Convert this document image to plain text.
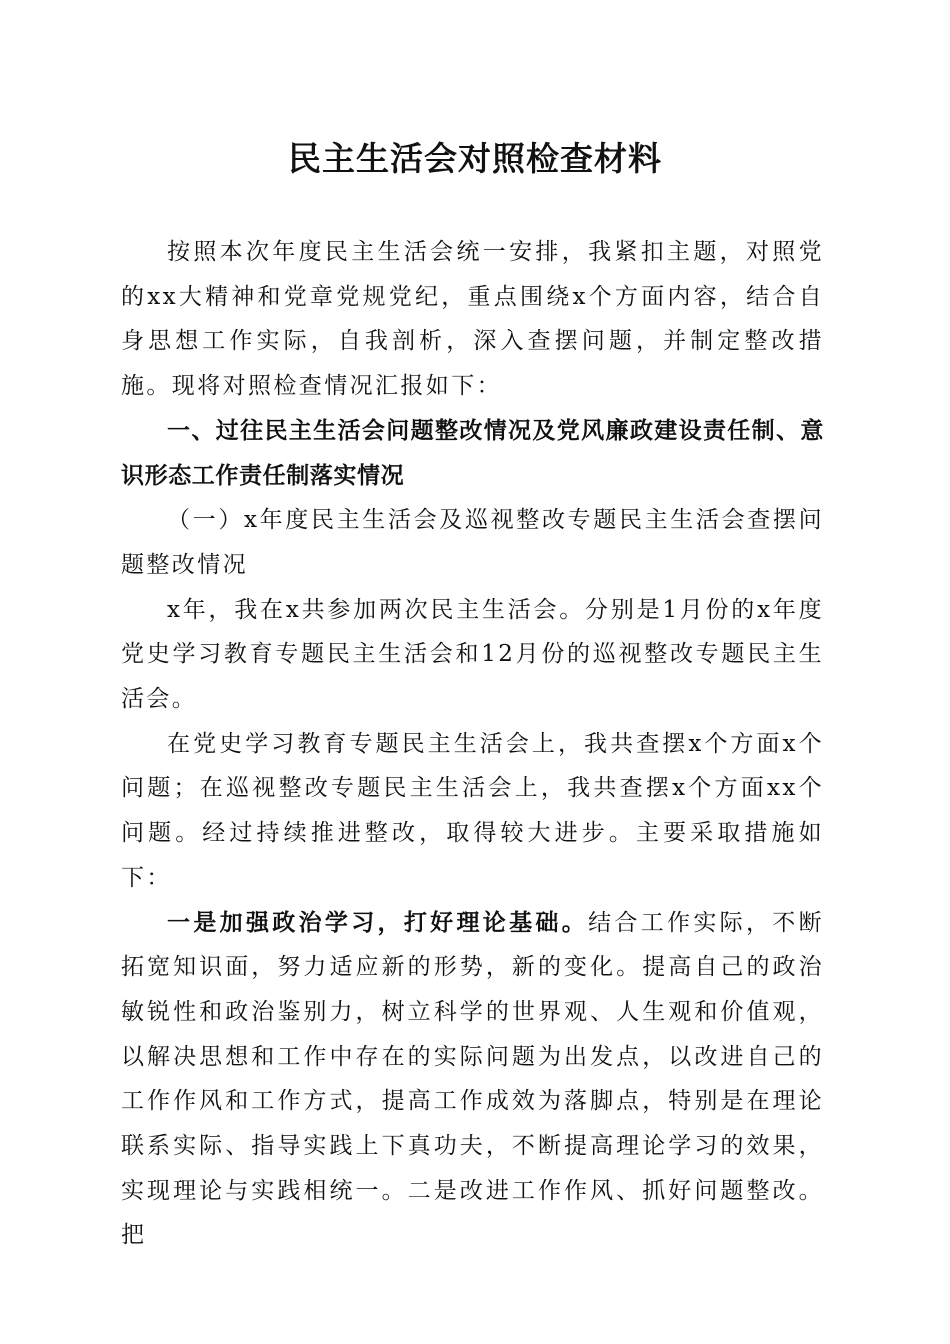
民主生活会对照检查材料

按照本次年度民主生活会统一安排，我紧扣主题，对照党的xx大精神和党章党规党纪，重点围绕x个方面内容，结合自身思想工作实际，自我剖析，深入查摆问题，并制定整改措施。现将对照检查情况汇报如下：

一、过往民主生活会问题整改情况及党风廉政建设责任制、意识形态工作责任制落实情况

（一）x年度民主生活会及巡视整改专题民主生活会查摆问题整改情况

x年，我在x共参加两次民主生活会。分别是1月份的x年度党史学习教育专题民主生活会和12月份的巡视整改专题民主生活会。

在党史学习教育专题民主生活会上，我共查摆x个方面x个问题；在巡视整改专题民主生活会上，我共查摆x个方面xx个问题。经过持续推进整改，取得较大进步。主要采取措施如下：

一是加强政治学习，打好理论基础。结合工作实际，不断拓宽知识面，努力适应新的形势，新的变化。提高自己的政治敏锐性和政治鉴别力，树立科学的世界观、人生观和价值观，以解决思想和工作中存在的实际问题为出发点，以改进自己的工作作风和工作方式，提高工作成效为落脚点，特别是在理论联系实际、指导实践上下真功夫，不断提高理论学习的效果，实现理论与实践相统一。二是改进工作作风、抓好问题整改。把
